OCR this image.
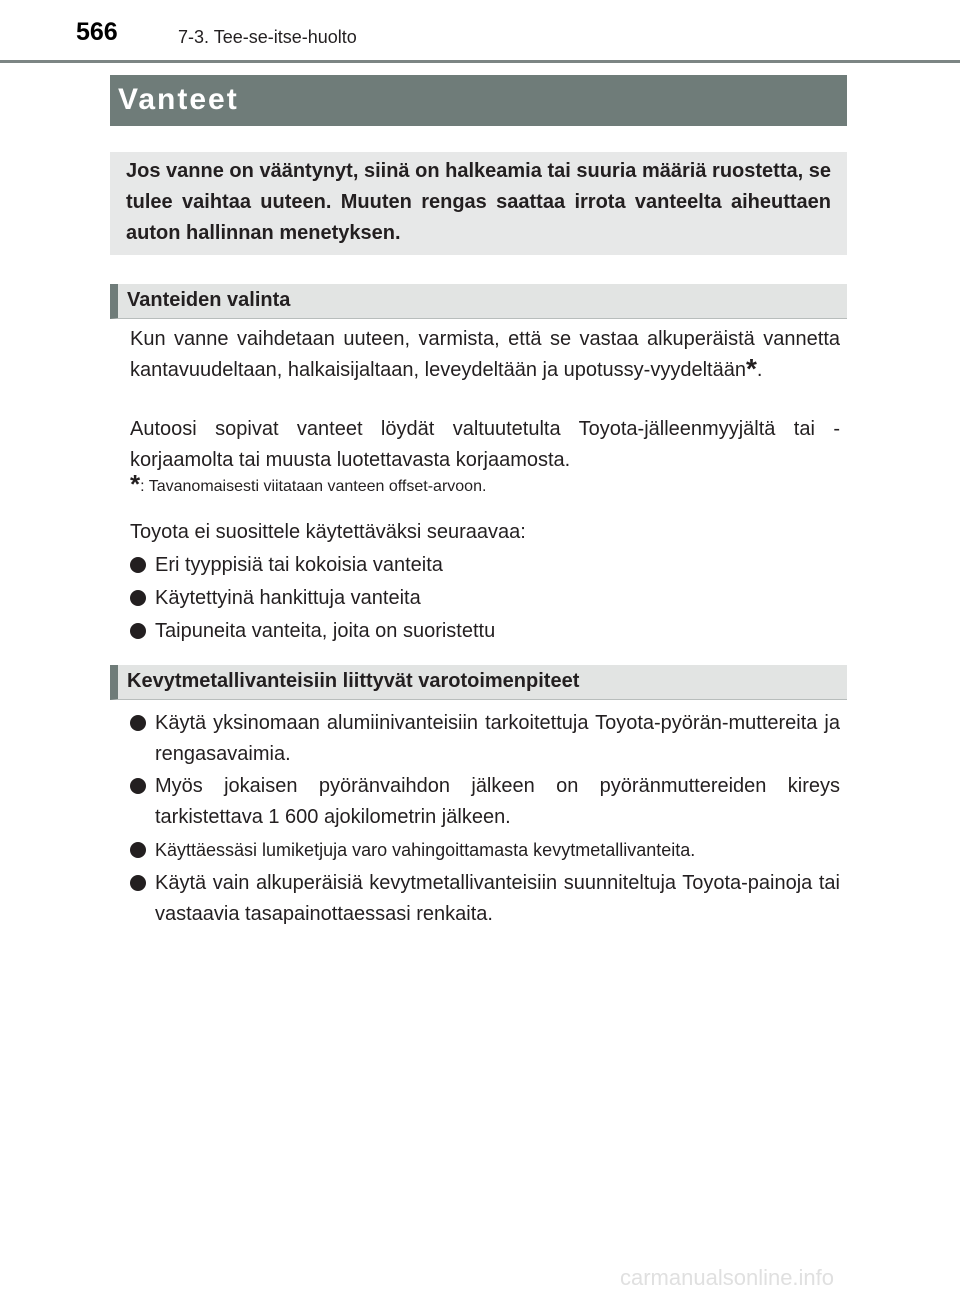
566	7-3. Tee-se-itse-huolto
Vanteet

Jos vanne on vääntynyt, siinä on halkeamia tai suuria määriä ruostetta, se tulee vaihtaa uuteen. Muuten rengas saattaa irrota vanteelta aiheuttaen auton hallinnan menetyksen.

Vanteiden valinta

Kun vanne vaihdetaan uuteen, varmista, että se vastaa alkuperäistä vannetta kantavuudeltaan, halkaisijaltaan, leveydeltään ja upotussy-vyydeltään*.

Autoosi sopivat vanteet löydät valtuutetulta Toyota-jälleenmyyjältä tai -korjaamolta tai muusta luotettavasta korjaamosta.

*: Tavanomaisesti viitataan vanteen offset-arvoon.

Toyota ei suosittele käytettäväksi seuraavaa:

Eri tyyppisiä tai kokoisia vanteita
Käytettyinä hankittuja vanteita
Taipuneita vanteita, joita on suoristettu
Kevytmetallivanteisiin liittyvät varotoimenpiteet
Käytä yksinomaan alumiinivanteisiin tarkoitettuja Toyota-pyörän-muttereita ja rengasavaimia.
Myös jokaisen pyöränvaihdon jälkeen on pyöränmuttereiden kireys tarkistettava 1 600 ajokilometrin jälkeen.
Käyttäessäsi lumiketjuja varo vahingoittamasta kevytmetallivanteita.
Käytä vain alkuperäisiä kevytmetallivanteisiin suunniteltuja Toyota-painoja tai vastaavia tasapainottaessasi renkaita.
carmanualsonline.info
